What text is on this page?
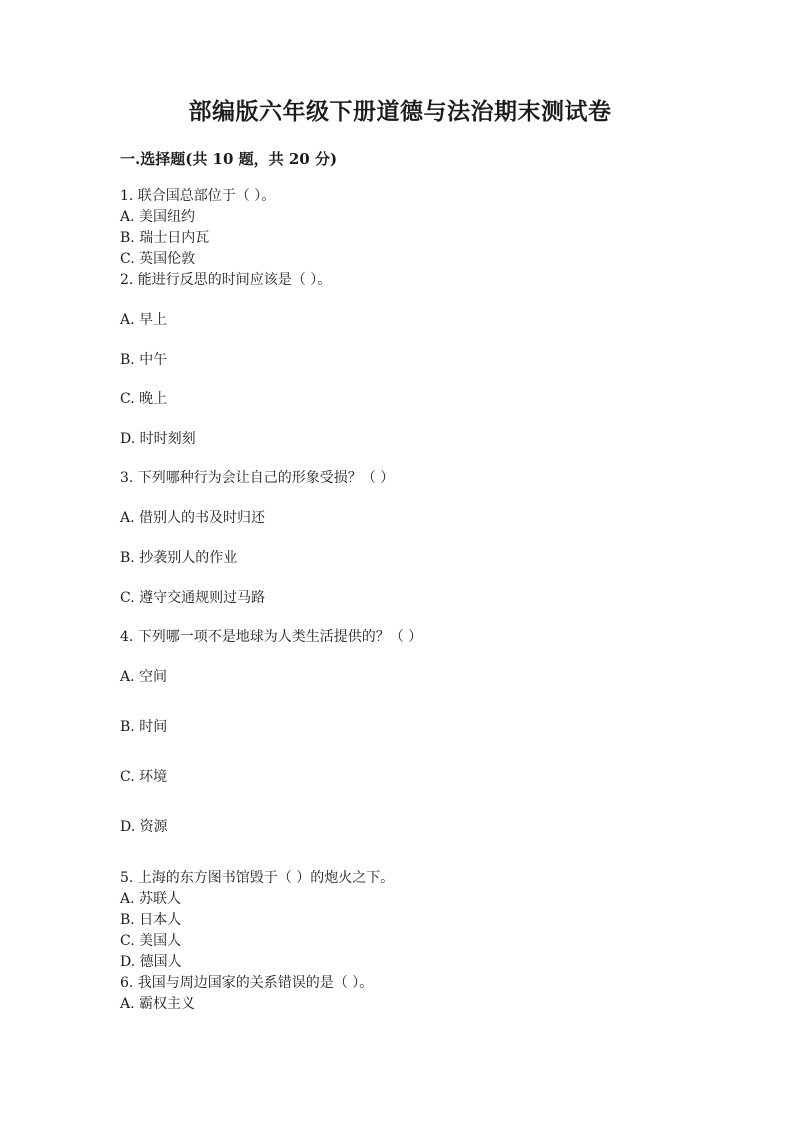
部编版六年级下册道德与法治期末测试卷
一.选择题(共 10 题，共 20 分)
1. 联合国总部位于（ ）。
A. 美国纽约
B. 瑞士日内瓦
C. 英国伦敦
2. 能进行反思的时间应该是（ ）。
A. 早上
B. 中午
C. 晚上
D. 时时刻刻
3. 下列哪种行为会让自己的形象受损？（ ）
A. 借别人的书及时归还
B. 抄袭别人的作业
C. 遵守交通规则过马路
4. 下列哪一项不是地球为人类生活提供的？（ ）
A. 空间
B. 时间
C. 环境
D. 资源
5. 上海的东方图书馆毁于（ ）的炮火之下。
A. 苏联人
B. 日本人
C. 美国人
D. 德国人
6. 我国与周边国家的关系错误的是（ ）。
A. 霸权主义
